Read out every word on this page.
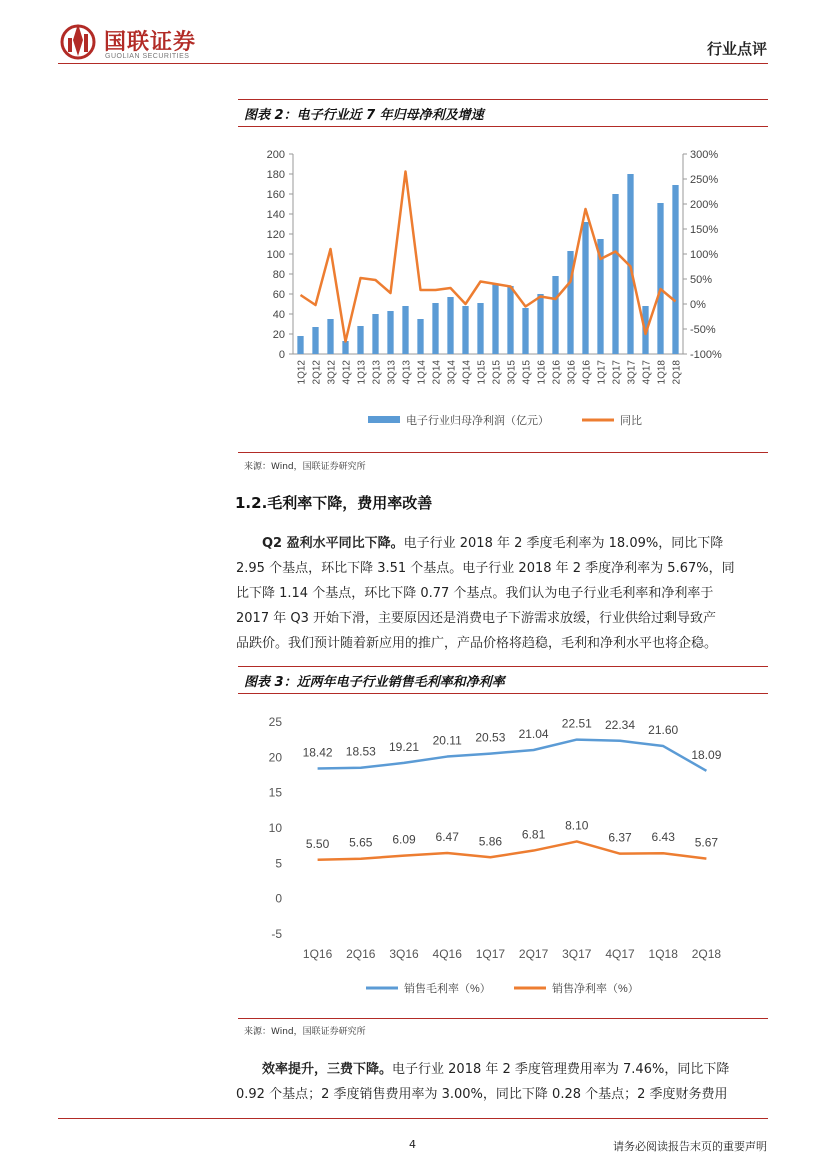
国联证券
GUOLIAN SECURITIES	行业点评
图表 2：电子行业近 7 年归母净利及增速
0
20
40
60
80
100
120
140
160
180
200
-100%
-50%
0%
50%
100%
150%
200%
250%
300%
1Q12 2Q12 3Q12 4Q12 1Q13 2Q13 3Q13 4Q13 1Q14 2Q14 3Q14 4Q14 1Q15 2Q15 3Q15 4Q15 1Q16 2Q16 3Q16 4Q16 1Q17 2Q17 3Q17 4Q17 1Q18 2Q18
电子行业归母净利润（亿元）	同比
来源：Wind，国联证券研究所
1.2.毛利率下降，费用率改善
Q2 盈利水平同比下降。电子行业 2018 年 2 季度毛利率为 18.09%，同比下降
2.95 个基点，环比下降 3.51 个基点。电子行业 2018 年 2 季度净利率为 5.67%，同
比下降 1.14 个基点，环比下降 0.77 个基点。我们认为电子行业毛利率和净利率于
2017 年 Q3 开始下滑，主要原因还是消费电子下游需求放缓，行业供给过剩导致产
品跌价。我们预计随着新应用的推广，产品价格将趋稳，毛利和净利水平也将企稳。
图表 3：近两年电子行业销售毛利率和净利率
-5
0
5
10
15
20
25
1Q16 2Q16 3Q16 4Q16 1Q17 2Q17 3Q17 4Q17 1Q18 2Q18
18.42 18.53 19.21 20.11 20.53 21.04
22.51 22.34 21.60
18.09
5.50 5.65 6.09 6.47 5.86 6.81
8.10
6.37 6.43 5.67
销售毛利率（%）	销售净利率（%）
来源：Wind，国联证券研究所
效率提升，三费下降。电子行业 2018 年 2 季度管理费用率为 7.46%，同比下降
0.92 个基点；2 季度销售费用率为 3.00%，同比下降 0.28 个基点；2 季度财务费用
4	请务必阅读报告末页的重要声明
